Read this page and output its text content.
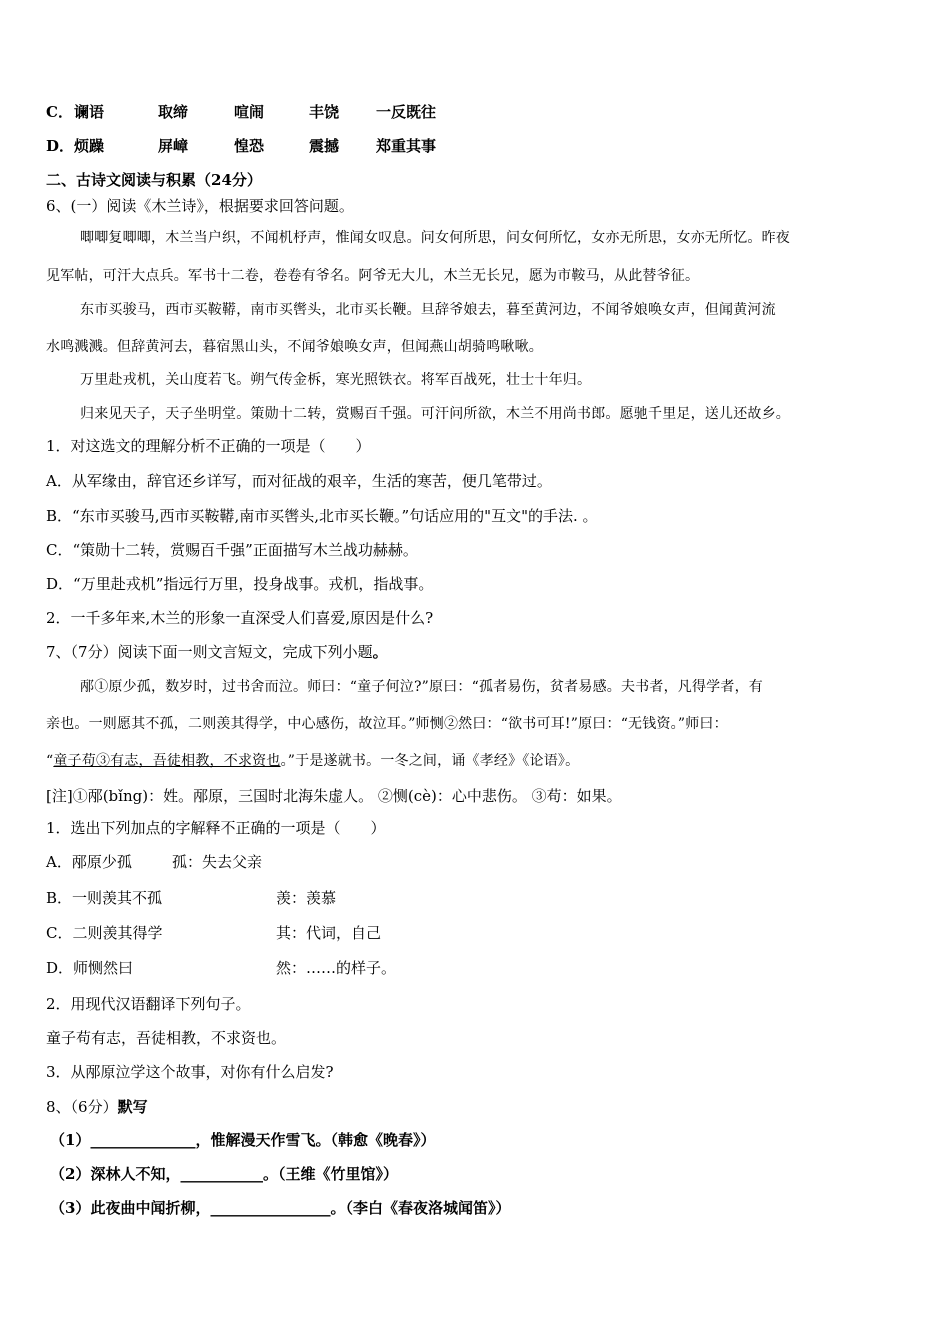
C． 谰语	取缔	喧闹	丰饶 一反既往
D． 烦躁	屏嶂	惶恐	震撼 郑重其事
二、古诗文阅读与积累（24分）
6、(一）阅读《木兰诗》，根据要求回答问题。
唧唧复唧唧，木兰当户织，不闻机杼声，惟闻女叹息。问女何所思，问女何所忆，女亦无所思，女亦无所忆。昨夜
见军帖，可汗大点兵。军书十二卷，卷卷有爷名。阿爷无大儿，木兰无长兄，愿为市鞍马，从此替爷征。
东市买骏马，西市买鞍鞯，南市买辔头，北市买长鞭。旦辞爷娘去，暮至黄河边，不闻爷娘唤女声，但闻黄河流
水鸣溅溅。但辞黄河去，暮宿黑山头，不闻爷娘唤女声，但闻燕山胡骑鸣啾啾。
万里赴戎机，关山度若飞。朔气传金柝，寒光照铁衣。将军百战死，壮士十年归。
归来见天子，天子坐明堂。策勋十二转，赏赐百千强。可汗问所欲，木兰不用尚书郎。愿驰千里足，送儿还故乡。
1．对这选文的理解分析不正确的一项是（　　）
A．从军缘由，辞官还乡详写，而对征战的艰辛，生活的寒苦，便几笔带过。
B．“东市买骏马,西市买鞍鞯,南市买辔头,北市买长鞭。”句话应用的"互文"的手法. 。
C．“策勋十二转，赏赐百千强”正面描写木兰战功赫赫。
D．“万里赴戎机”指远行万里，投身战事。戎机，指战事。
2．一千多年来,木兰的形象一直深受人们喜爱,原因是什么?
7、（7分）阅读下面一则文言短文，完成下列小题。
邴①原少孤，数岁时，过书舍而泣。师曰：“童子何泣?”原曰：“孤者易伤，贫者易感。夫书者，凡得学者，有
亲也。一则愿其不孤，二则羡其得学，中心感伤，故泣耳。”师恻②然曰：“欲书可耳!”原曰：“无钱资。”师曰：
“童子苟③有志，吾徒相教，不求资也。”于是遂就书。一冬之间，诵《孝经》《论语》。
[注]①邴(bǐng)：姓。邴原，三国时北海朱虚人。 ②恻(cè)：心中悲伤。 ③苟：如果。
1．选出下列加点的字解释不正确的一项是（　　）
A．邴原少孤	孤：失去父亲
B．一则羡其不孤	羡：羡慕
C．二则羡其得学	其：代词，自己
D．师恻然曰	然：……的样子。
2．用现代汉语翻译下列句子。
童子苟有志，吾徒相教，不求资也。
3．从邴原泣学这个故事，对你有什么启发?
8、（6分）默写
（1）______________，惟解漫天作雪飞。（韩愈《晚春》）
（2）深林人不知，___________。（王维《竹里馆》）
（3）此夜曲中闻折柳，________________。（李白《春夜洛城闻笛》）
